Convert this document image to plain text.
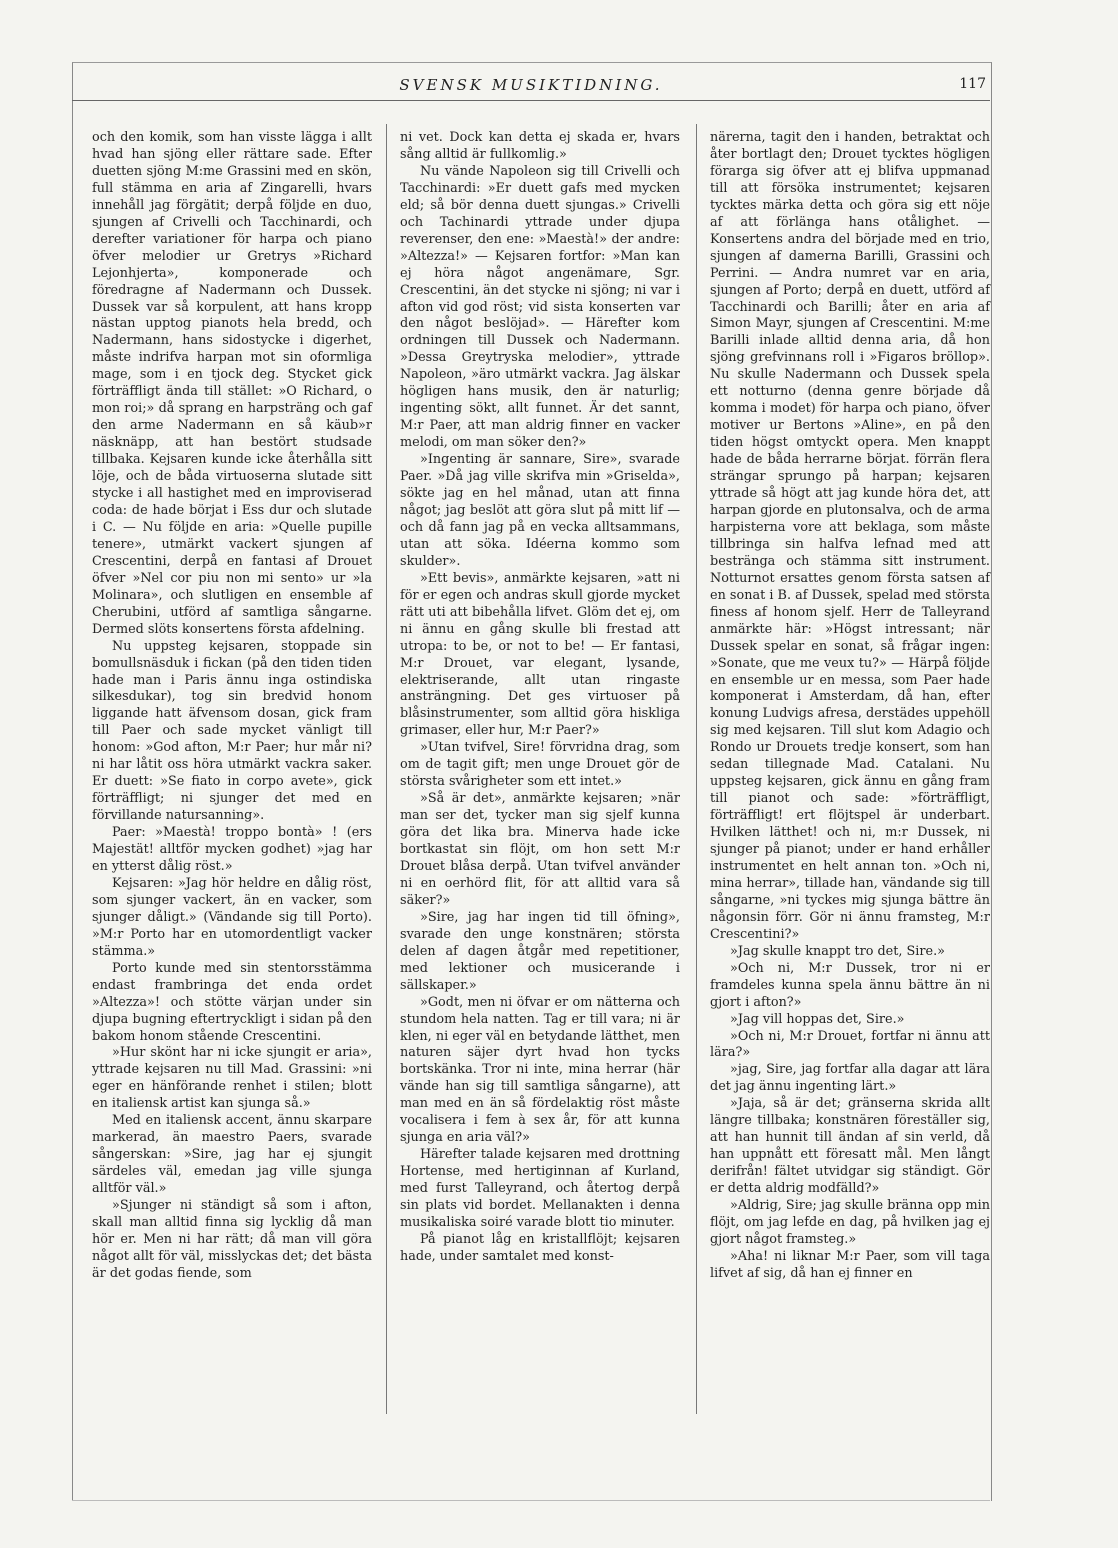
SVENSK MUSIKTIDNING.	117

och den komik, som han visste lägga i allt hvad han sjöng eller rättare sade. Efter duetten sjöng M:me Grassini med en skön, full stämma en aria af Zingarelli, hvars innehåll jag förgätit; derpå följde en duo, sjungen af Crivelli och Tacchinardi, och derefter variationer för harpa och piano öfver melodier ur Gretrys »Richard Lejonhjerta», komponerade och föredragne af Nadermann och Dussek. Dussek var så korpulent, att hans kropp nästan upptog pianots hela bredd, och Nadermann, hans sidostycke i digerhet, måste indrifva harpan mot sin oformliga mage, som i en tjock deg. Stycket gick förträffligt ända till stället: »O Richard, o mon roi;» då sprang en harpsträng och gaf den arme Nadermann en så käub»r näsknäpp, att han bestört studsade tillbaka. Kejsaren kunde icke återhålla sitt löje, och de båda virtuoserna slutade sitt stycke i all hastighet med en improviserad coda: de hade börjat i Ess dur och slutade i C. — Nu följde en aria: »Quelle pupille tenere», utmärkt vackert sjungen af Crescentini, derpå en fantasi af Drouet öfver »Nel cor piu non mi sento» ur »la Molinara», och slutligen en ensemble af Cherubini, utförd af samtliga sångarne. Dermed slöts konsertens första afdelning.

Nu uppsteg kejsaren, stoppade sin bomullsnäsduk i fickan (på den tiden tiden hade man i Paris ännu inga ostindiska silkesdukar), tog sin bredvid honom liggande hatt äfvensom dosan, gick fram till Paer och sade mycket vänligt till honom: »God afton, M:r Paer; hur mår ni? ni har låtit oss höra utmärkt vackra saker. Er duett: »Se fiato in corpo avete», gick förträffligt; ni sjunger det med en förvillande natursanning».

Paer: »Maestà! troppo bontà» ! (ers Majestät! alltför mycken godhet) »jag har en ytterst dålig röst.»

Kejsaren: »Jag hör heldre en dålig röst, som sjunger vackert, än en vacker, som sjunger dåligt.» (Vändande sig till Porto). »M:r Porto har en utomordentligt vacker stämma.»

Porto kunde med sin stentorsstämma endast frambringa det enda ordet »Altezza»! och stötte värjan under sin djupa bugning eftertryckligt i sidan på den bakom honom stående Crescentini.

»Hur skönt har ni icke sjungit er aria», yttrade kejsaren nu till Mad. Grassini: »ni eger en hänförande renhet i stilen; blott en italiensk artist kan sjunga så.»

Med en italiensk accent, ännu skarpare markerad, än maestro Paers, svarade sångerskan: »Sire, jag har ej sjungit särdeles väl, emedan jag ville sjunga alltför väl.»

»Sjunger ni ständigt så som i afton, skall man alltid finna sig lycklig då man hör er. Men ni har rätt; då man vill göra något allt för väl, misslyckas det; det bästa är det godas fiende, som

ni vet. Dock kan detta ej skada er, hvars sång alltid är fullkomlig.»

Nu vände Napoleon sig till Crivelli och Tacchinardi: »Er duett gafs med mycken eld; så bör denna duett sjungas.» Crivelli och Tachinardi yttrade under djupa reverenser, den ene: »Maestà!» der andre: »Altezza!» — Kejsaren fortfor: »Man kan ej höra något angenämare, Sgr. Crescentini, än det stycke ni sjöng; ni var i afton vid god röst; vid sista konserten var den något beslöjad». — Härefter kom ordningen till Dussek och Nadermann. »Dessa Greytryska melodier», yttrade Napoleon, »äro utmärkt vackra. Jag älskar högligen hans musik, den är naturlig; ingenting sökt, allt funnet. Är det sannt, M:r Paer, att man aldrig finner en vacker melodi, om man söker den?»

»Ingenting är sannare, Sire», svarade Paer. »Då jag ville skrifva min »Griselda», sökte jag en hel månad, utan att finna något; jag beslöt att göra slut på mitt lif — och då fann jag på en vecka alltsammans, utan att söka. Idéerna kommo som skulder».

»Ett bevis», anmärkte kejsaren, »att ni för er egen och andras skull gjorde mycket rätt uti att bibehålla lifvet. Glöm det ej, om ni ännu en gång skulle bli frestad att utropa: to be, or not to be! — Er fantasi, M:r Drouet, var elegant, lysande, elektriserande, allt utan ringaste ansträngning. Det ges virtuoser på blåsinstrumenter, som alltid göra hiskliga grimaser, eller hur, M:r Paer?»

»Utan tvifvel, Sire! förvridna drag, som om de tagit gift; men unge Drouet gör de största svårigheter som ett intet.»

»Så är det», anmärkte kejsaren; »när man ser det, tycker man sig sjelf kunna göra det lika bra. Minerva hade icke bortkastat sin flöjt, om hon sett M:r Drouet blåsa derpå. Utan tvifvel använder ni en oerhörd flit, för att alltid vara så säker?»

»Sire, jag har ingen tid till öfning», svarade den unge konstnären; största delen af dagen åtgår med repetitioner, med lektioner och musicerande i sällskaper.»

»Godt, men ni öfvar er om nätterna och stundom hela natten. Tag er till vara; ni är klen, ni eger väl en betydande lätthet, men naturen säjer dyrt hvad hon tycks bortskänka. Tror ni inte, mina herrar (här vände han sig till samtliga sångarne), att man med en än så fördelaktig röst måste vocalisera i fem à sex år, för att kunna sjunga en aria väl?»

Härefter talade kejsaren med drottning Hortense, med hertiginnan af Kurland, med furst Talleyrand, och återtog derpå sin plats vid bordet. Mellanakten i denna musikaliska soiré varade blott tio minuter.

På pianot låg en kristallflöjt; kejsaren hade, under samtalet med konst-

närerna, tagit den i handen, betraktat och åter bortlagt den; Drouet tycktes högligen förarga sig öfver att ej blifva uppmanad till att försöka instrumentet; kejsaren tycktes märka detta och göra sig ett nöje af att förlänga hans otålighet. — Konsertens andra del började med en trio, sjungen af damerna Barilli, Grassini och Perrini. — Andra numret var en aria, sjungen af Porto; derpå en duett, utförd af Tacchinardi och Barilli; åter en aria af Simon Mayr, sjungen af Crescentini. M:me Barilli inlade alltid denna aria, då hon sjöng grefvinnans roll i »Figaros bröllop». Nu skulle Nadermann och Dussek spela ett notturno (denna genre började då komma i modet) för harpa och piano, öfver motiver ur Bertons »Aline», en på den tiden högst omtyckt opera. Men knappt hade de båda herrarne börjat. förrän flera strängar sprungo på harpan; kejsaren yttrade så högt att jag kunde höra det, att harpan gjorde en plutonsalva, och de arma harpisterna vore att beklaga, som måste tillbringa sin halfva lefnad med att bestränga och stämma sitt instrument. Notturnot ersattes genom första satsen af en sonat i B. af Dussek, spelad med största finess af honom sjelf. Herr de Talleyrand anmärkte här: »Högst intressant; när Dussek spelar en sonat, så frågar ingen: »Sonate, que me veux tu?» — Härpå följde en ensemble ur en messa, som Paer hade komponerat i Amsterdam, då han, efter konung Ludvigs afresa, derstädes uppehöll sig med kejsaren. Till slut kom Adagio och Rondo ur Drouets tredje konsert, som han sedan tillegnade Mad. Catalani. Nu uppsteg kejsaren, gick ännu en gång fram till pianot och sade: »förträffligt, förträffligt! ert flöjtspel är underbart. Hvilken lätthet! och ni, m:r Dussek, ni sjunger på pianot; under er hand erhåller instrumentet en helt annan ton. »Och ni, mina herrar», tillade han, vändande sig till sångarne, »ni tyckes mig sjunga bättre än någonsin förr. Gör ni ännu framsteg, M:r Crescentini?»

»Jag skulle knappt tro det, Sire.»

»Och ni, M:r Dussek, tror ni er framdeles kunna spela ännu bättre än ni gjort i afton?»

»Jag vill hoppas det, Sire.»

»Och ni, M:r Drouet, fortfar ni ännu att lära?»

»jag, Sire, jag fortfar alla dagar att lära det jag ännu ingenting lärt.»

»Jaja, så är det; gränserna skrida allt längre tillbaka; konstnären föreställer sig, att han hunnit till ändan af sin verld, då han uppnått ett föresatt mål. Men långt derifrån! fältet utvidgar sig ständigt. Gör er detta aldrig modfälld?»

»Aldrig, Sire; jag skulle bränna opp min flöjt, om jag lefde en dag, på hvilken jag ej gjort något framsteg.»

»Aha! ni liknar M:r Paer, som vill taga lifvet af sig, då han ej finner en
